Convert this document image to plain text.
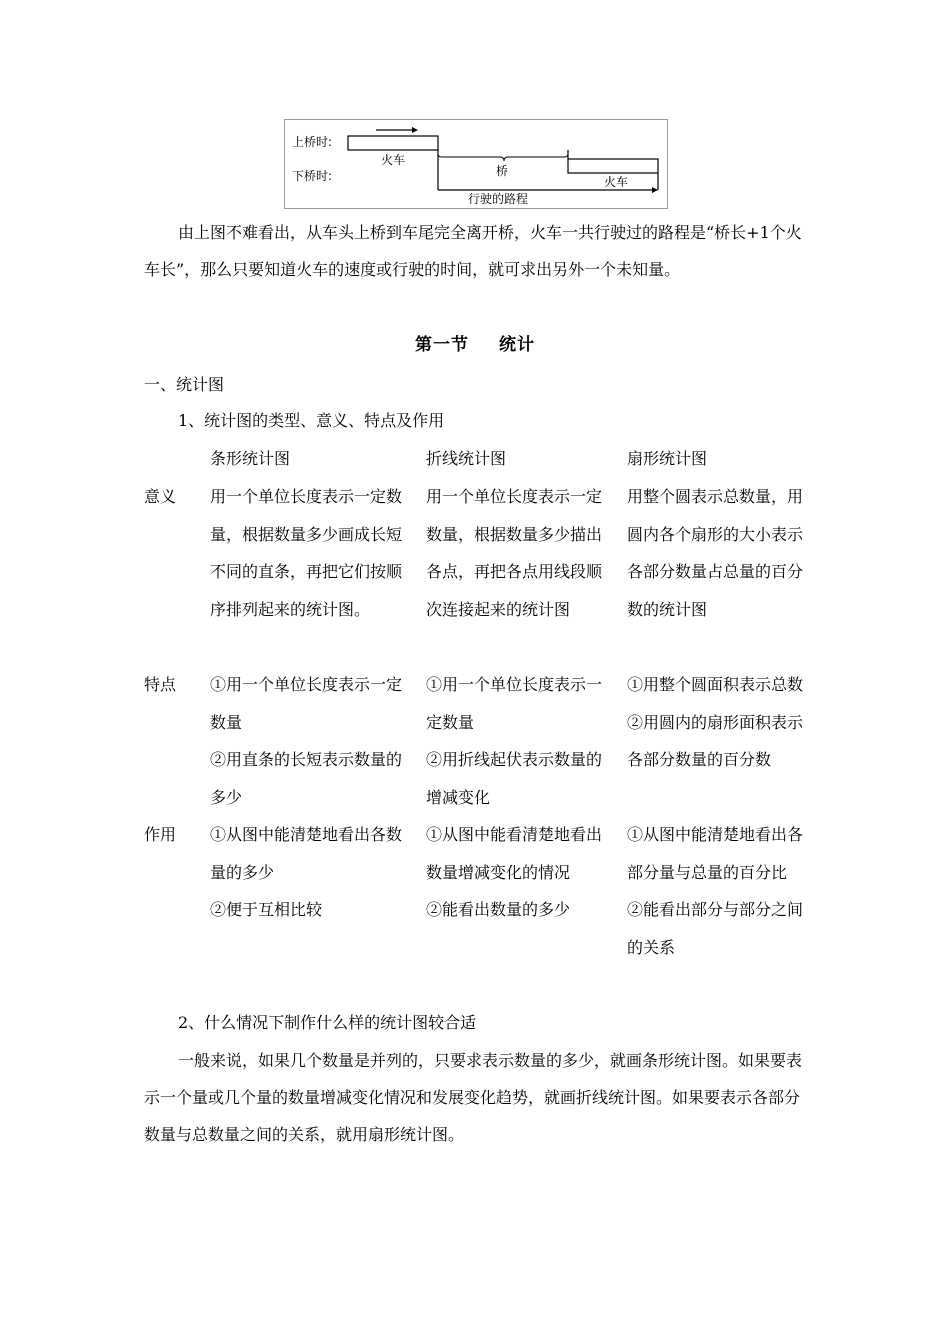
上桥时:
下桥时:
火车
桥
火车
行驶的路程

由上图不难看出，从车头上桥到车尾完全离开桥，火车一共行驶过的路程是“桥长+1个火车长”，那么只要知道火车的速度或行驶的时间，就可求出另外一个未知量。

第一节 统计
一、统计图
1、统计图的类型、意义、特点及作用
条形统计图	折线统计图	扇形统计图
意义 用一个单位长度表示一定数量，根据数量多少画成长短不同的直条，再把它们按顺序排列起来的统计图。

用一个单位长度表示一定数量，根据数量多少描出各点，再把各点用线段顺次连接起来的统计图

用整个圆表示总数量，用圆内各个扇形的大小表示各部分数量占总量的百分数的统计图

特点 ①用一个单位长度表示一定数量

②用直条的长短表示数量的多少

①用一个单位长度表示一定数量

②用折线起伏表示数量的增减变化

①用整个圆面积表示总数

②用圆内的扇形面积表示各部分数量的百分数

作用 ①从图中能清楚地看出各数量的多少

②便于互相比较

①从图中能看清楚地看出数量增减变化的情况

②能看出数量的多少

①从图中能清楚地看出各部分量与总量的百分比

②能看出部分与部分之间的关系

2、什么情况下制作什么样的统计图较合适

一般来说，如果几个数量是并列的，只要求表示数量的多少，就画条形统计图。如果要表示一个量或几个量的数量增减变化情况和发展变化趋势，就画折线统计图。如果要表示各部分数量与总数量之间的关系，就用扇形统计图。
